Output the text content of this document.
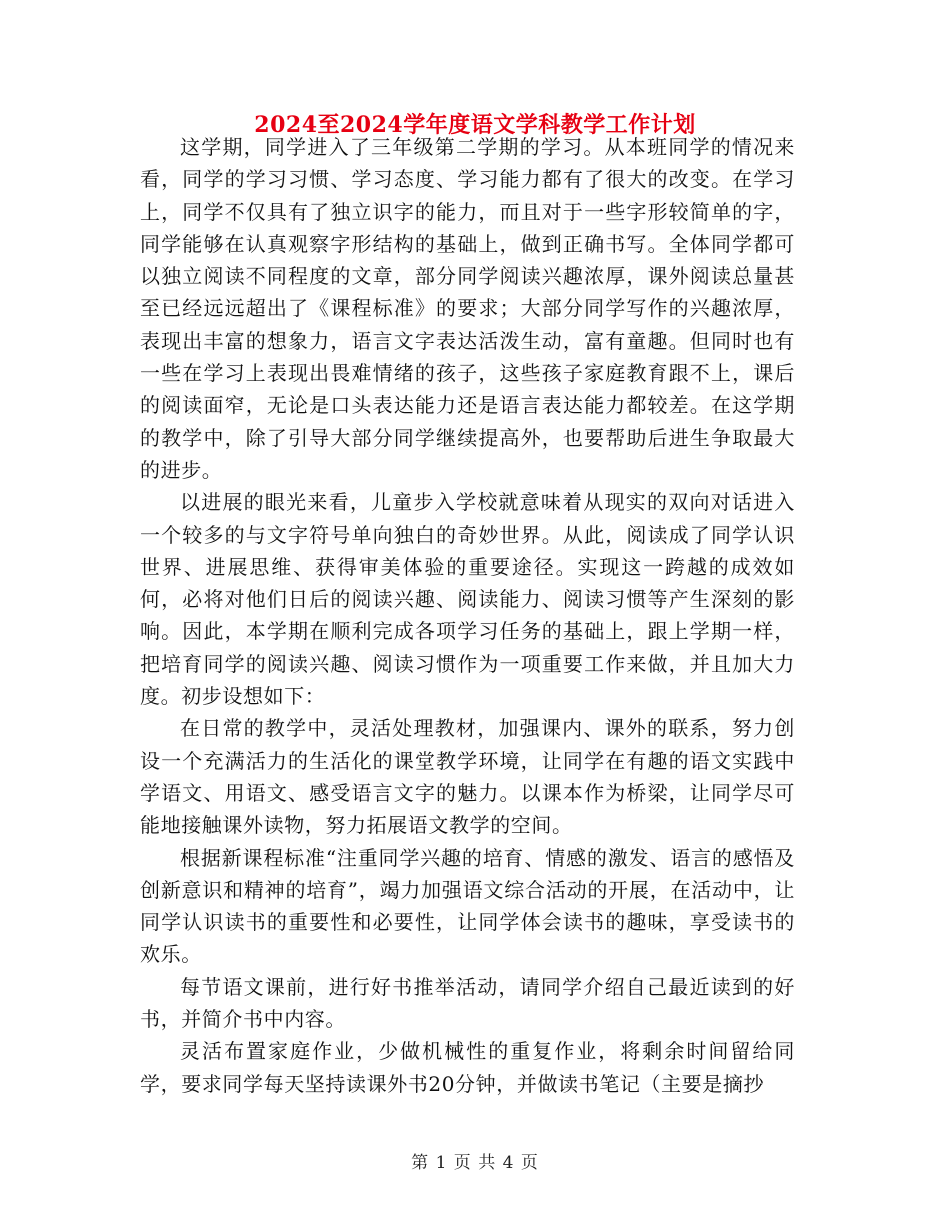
2024至2024学年度语文学科教学工作计划

这学期，同学进入了三年级第二学期的学习。从本班同学的情况来看，同学的学习习惯、学习态度、学习能力都有了很大的改变。在学习上，同学不仅具有了独立识字的能力，而且对于一些字形较简单的字，同学能够在认真观察字形结构的基础上，做到正确书写。全体同学都可以独立阅读不同程度的文章，部分同学阅读兴趣浓厚，课外阅读总量甚至已经远远超出了《课程标准》的要求；大部分同学写作的兴趣浓厚，表现出丰富的想象力，语言文字表达活泼生动，富有童趣。但同时也有一些在学习上表现出畏难情绪的孩子，这些孩子家庭教育跟不上，课后的阅读面窄，无论是口头表达能力还是语言表达能力都较差。在这学期的教学中，除了引导大部分同学继续提高外，也要帮助后进生争取最大的进步。

以进展的眼光来看，儿童步入学校就意味着从现实的双向对话进入一个较多的与文字符号单向独白的奇妙世界。从此，阅读成了同学认识世界、进展思维、获得审美体验的重要途径。实现这一跨越的成效如何，必将对他们日后的阅读兴趣、阅读能力、阅读习惯等产生深刻的影响。因此，本学期在顺利完成各项学习任务的基础上，跟上学期一样，把培育同学的阅读兴趣、阅读习惯作为一项重要工作来做，并且加大力度。初步设想如下：

在日常的教学中，灵活处理教材，加强课内、课外的联系，努力创设一个充满活力的生活化的课堂教学环境，让同学在有趣的语文实践中学语文、用语文、感受语言文字的魅力。以课本作为桥梁，让同学尽可能地接触课外读物，努力拓展语文教学的空间。

根据新课程标准“注重同学兴趣的培育、情感的激发、语言的感悟及创新意识和精神的培育”，竭力加强语文综合活动的开展，在活动中，让同学认识读书的重要性和必要性，让同学体会读书的趣味，享受读书的欢乐。

每节语文课前，进行好书推举活动，请同学介绍自己最近读到的好书，并简介书中内容。

灵活布置家庭作业，少做机械性的重复作业，将剩余时间留给同学，要求同学每天坚持读课外书20分钟，并做读书笔记（主要是摘抄

第 1 页 共 4 页
